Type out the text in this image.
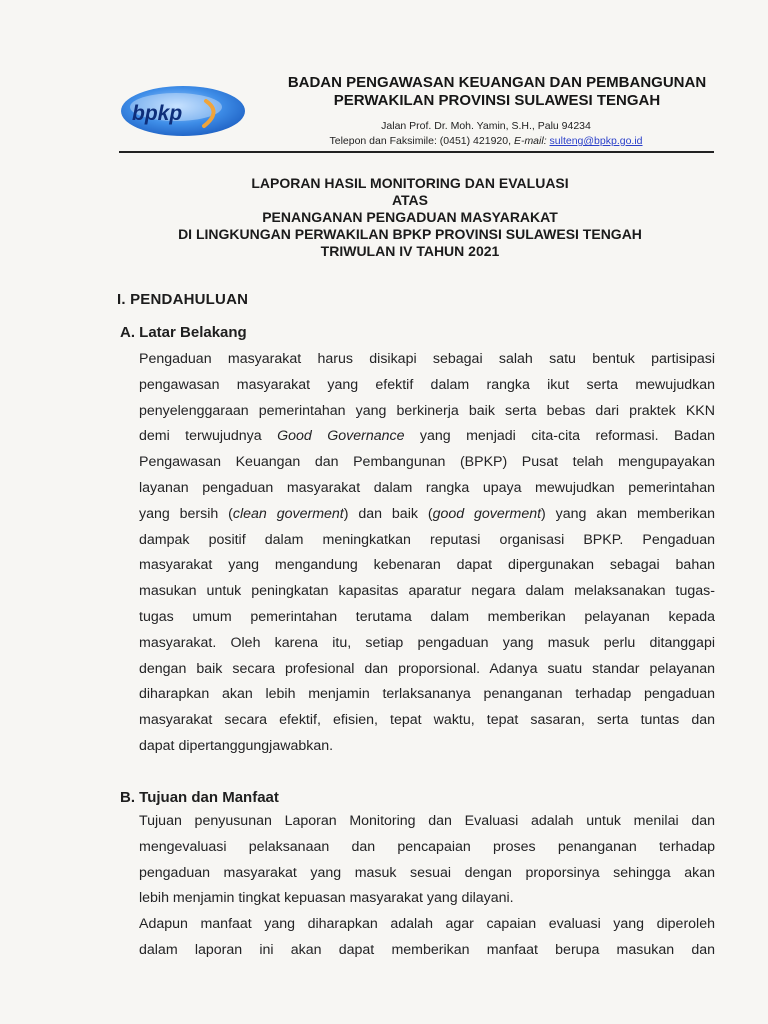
bpkp
BADAN PENGAWASAN KEUANGAN DAN PEMBANGUNAN
PERWAKILAN PROVINSI SULAWESI TENGAH
Jalan Prof. Dr. Moh. Yamin, S.H., Palu 94234
Telepon dan Faksimile: (0451) 421920, E-mail: sulteng@bpkp.go.id
LAPORAN HASIL MONITORING DAN EVALUASI
ATAS
PENANGANAN PENGADUAN MASYARAKAT
DI LINGKUNGAN PERWAKILAN BPKP PROVINSI SULAWESI TENGAH
TRIWULAN IV TAHUN 2021
I. PENDAHULUAN
A. Latar Belakang
Pengaduan masyarakat harus disikapi sebagai salah satu bentuk partisipasi
pengawasan masyarakat yang efektif dalam rangka ikut serta mewujudkan
penyelenggaraan pemerintahan yang berkinerja baik serta bebas dari praktek KKN
demi terwujudnya Good Governance yang menjadi cita-cita reformasi. Badan
Pengawasan Keuangan dan Pembangunan (BPKP) Pusat telah mengupayakan
layanan pengaduan masyarakat dalam rangka upaya mewujudkan pemerintahan
yang bersih (clean goverment) dan baik (good goverment) yang akan memberikan
dampak positif dalam meningkatkan reputasi organisasi BPKP. Pengaduan
masyarakat yang mengandung kebenaran dapat dipergunakan sebagai bahan
masukan untuk peningkatan kapasitas aparatur negara dalam melaksanakan tugas-
tugas umum pemerintahan terutama dalam memberikan pelayanan kepada
masyarakat. Oleh karena itu, setiap pengaduan yang masuk perlu ditanggapi
dengan baik secara profesional dan proporsional. Adanya suatu standar pelayanan
diharapkan akan lebih menjamin terlaksananya penanganan terhadap pengaduan
masyarakat secara efektif, efisien, tepat waktu, tepat sasaran, serta tuntas dan
dapat dipertanggungjawabkan.
B. Tujuan dan Manfaat
Tujuan penyusunan Laporan Monitoring dan Evaluasi adalah untuk menilai dan
mengevaluasi pelaksanaan dan pencapaian proses penanganan terhadap
pengaduan masyarakat yang masuk sesuai dengan proporsinya sehingga akan
lebih menjamin tingkat kepuasan masyarakat yang dilayani.
Adapun manfaat yang diharapkan adalah agar capaian evaluasi yang diperoleh
dalam laporan ini akan dapat memberikan manfaat berupa masukan dan
